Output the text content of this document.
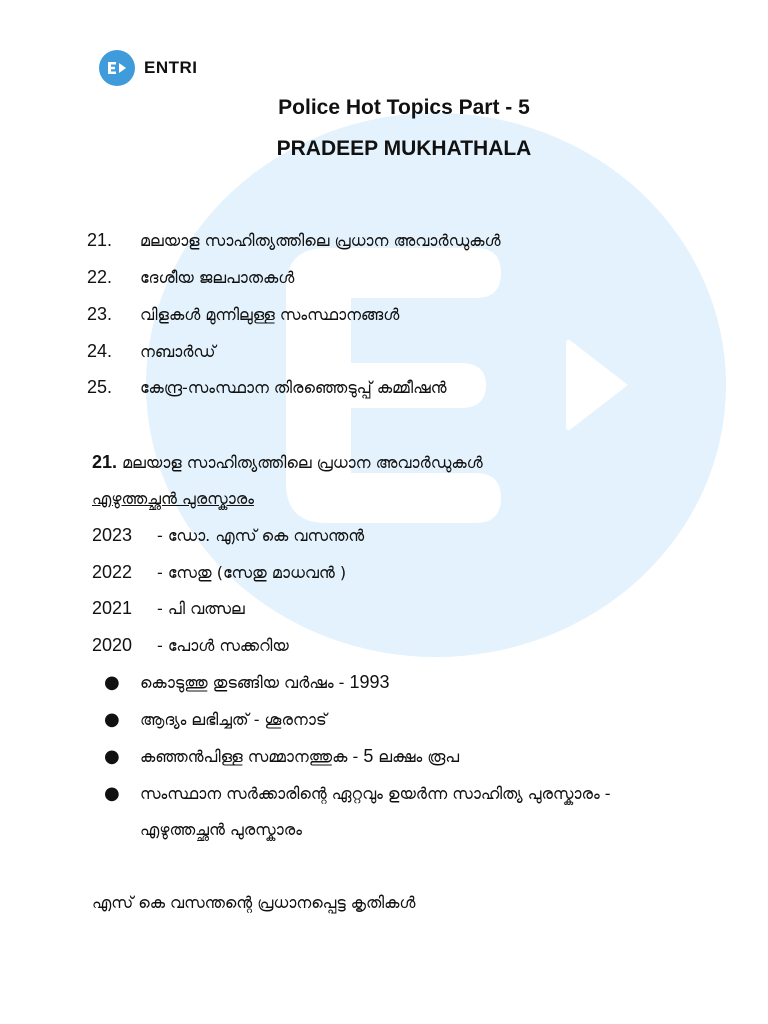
ENTRI
Police Hot Topics Part - 5
PRADEEP MUKHATHALA
21.	മലയാള സാഹിത്യത്തിലെ പ്രധാന അവാർഡുകൾ
22.	ദേശീയ ജലപാതകൾ
23.	വിളകൾ മുന്നിലുള്ള സംസ്ഥാനങ്ങൾ
24.	നബാർഡ്
25.	കേന്ദ്ര-സംസ്ഥാന തിരഞ്ഞെടുപ്പ് കമ്മീഷൻ
21. മലയാള സാഹിത്യത്തിലെ പ്രധാന അവാർഡുകൾ
എഴുത്തച്ഛൻ പുരസ്കാരം
2023	- ഡോ. എസ് കെ വസന്തൻ
2022	- സേതു (സേതു മാധവൻ )
2021	- പി വത്സല
2020	- പോൾ സക്കറിയ
●	കൊടുത്തു തുടങ്ങിയ വർഷം - 1993
●	ആദ്യം ലഭിച്ചത് - ശൂരനാട്
●	കഞ്ഞൻപിള്ള സമ്മാനത്തുക - 5 ലക്ഷം രൂപ
●	സംസ്ഥാന സർക്കാരിന്റെ ഏറ്റവും ഉയർന്ന സാഹിത്യ പുരസ്കാരം -
എഴുത്തച്ഛൻ പുരസ്കാരം
എസ് കെ വസന്തന്റെ പ്രധാനപ്പെട്ട കൃതികൾ
